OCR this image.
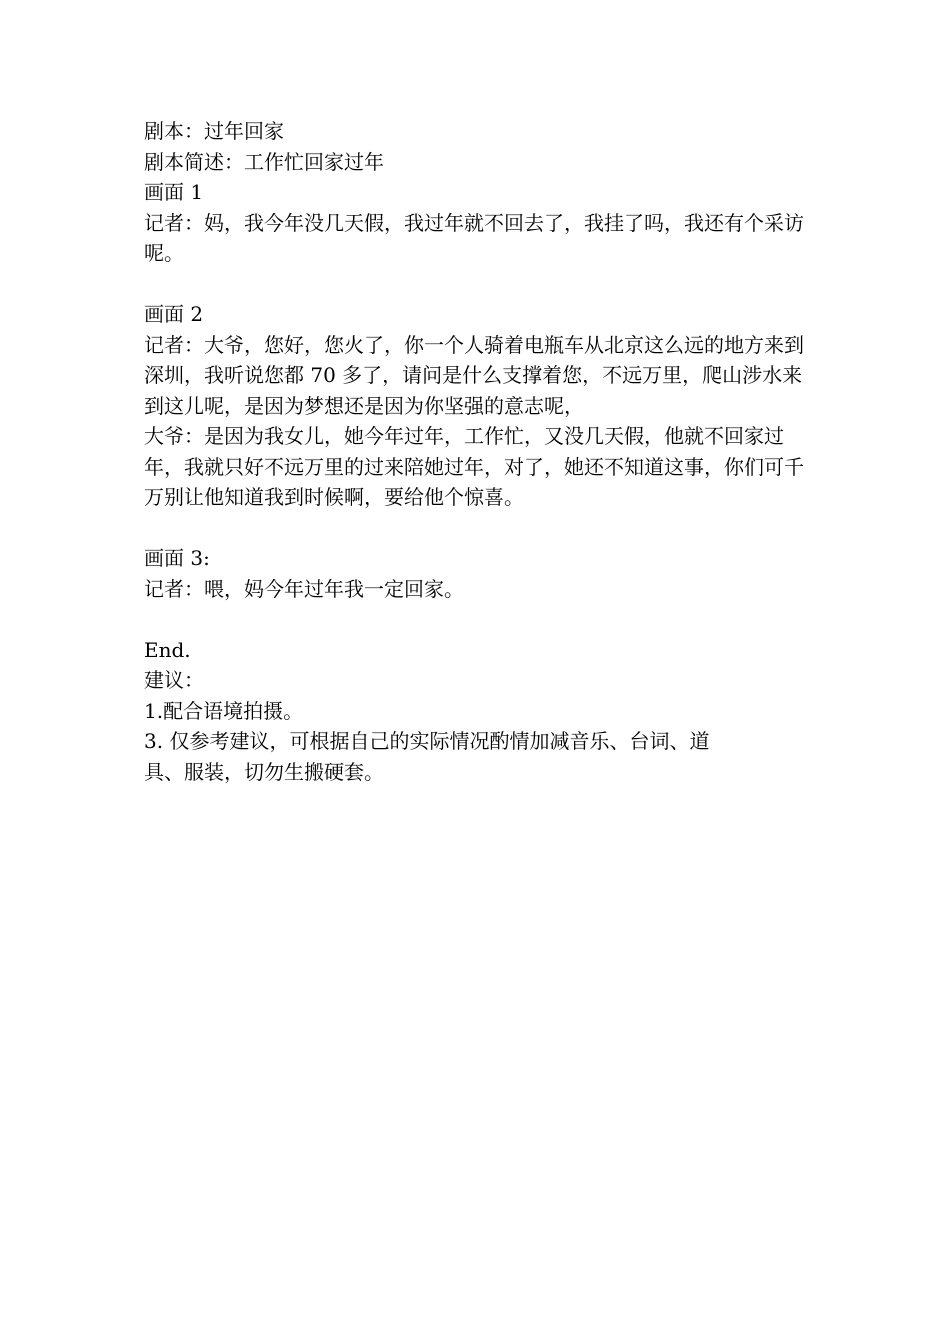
剧本：过年回家
剧本简述：工作忙回家过年
画面 1
记者：妈，我今年没几天假，我过年就不回去了，我挂了吗，我还有个采访呢。
画面 2
记者：大爷，您好，您火了，你一个人骑着电瓶车从北京这么远的地方来到深圳，我听说您都 70 多了，请问是什么支撑着您，不远万里，爬山涉水来到这儿呢，是因为梦想还是因为你坚强的意志呢，
大爷：是因为我女儿，她今年过年，工作忙，又没几天假，他就不回家过年，我就只好不远万里的过来陪她过年，对了，她还不知道这事，你们可千万别让他知道我到时候啊，要给他个惊喜。
画面 3:
记者：喂，妈今年过年我一定回家。
End.
建议：
1.配合语境拍摄。
3. 仅参考建议，可根据自己的实际情况酌情加减音乐、台词、道具、服装，切勿生搬硬套。
